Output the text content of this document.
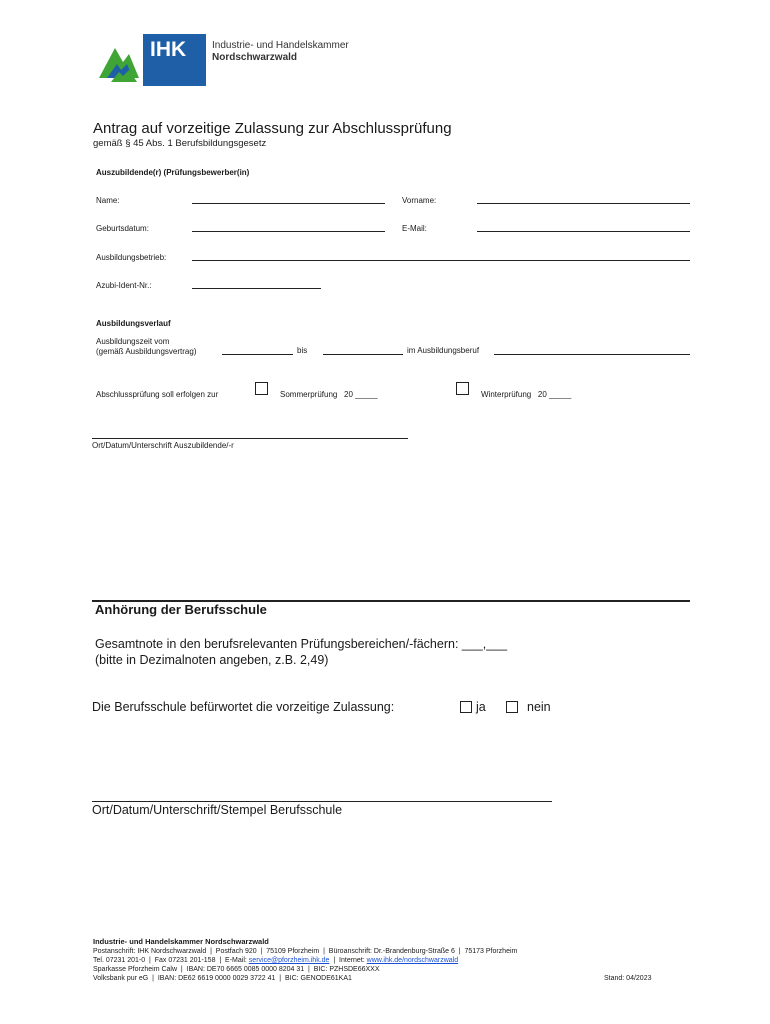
IHK	Industrie- und Handelskammer
Nordschwarzwald
Antrag auf vorzeitige Zulassung zur Abschlussprüfung
gemäß § 45 Abs. 1 Berufsbildungsgesetz
Auszubildende(r) (Prüfungsbewerber(in)
Name:	Vorname:
Geburtsdatum:	E-Mail:
Ausbildungsbetrieb:
Azubi-Ident-Nr.:
Ausbildungsverlauf
Ausbildungszeit vom
(gemäß Ausbildungsvertrag)	bis	im Ausbildungsberuf
Abschlussprüfung soll erfolgen zur	Sommerprüfung   20 _____	Winterprüfung   20 _____
Ort/Datum/Unterschrift Auszubildende/-r
Anhörung der Berufsschule
Gesamtnote in den berufsrelevanten Prüfungsbereichen/-fächern: ___,___
(bitte in Dezimalnoten angeben, z.B. 2,49)
Die Berufsschule befürwortet die vorzeitige Zulassung:	ja	nein
Ort/Datum/Unterschrift/Stempel Berufsschule
Industrie- und Handelskammer Nordschwarzwald
Postanschrift: IHK Nordschwarzwald  |  Postfach 920  |  75109 Pforzheim  |  Büroanschrift: Dr.-Brandenburg-Straße 6  |  75173 Pforzheim
Tel. 07231 201-0  |  Fax 07231 201-158  |  E-Mail: service@pforzheim.ihk.de  |  Internet: www.ihk.de/nordschwarzwald
Sparkasse Pforzheim Calw  |  IBAN: DE70 6665 0085 0000 8204 31  |  BIC: PZHSDE66XXX
Volksbank pur eG  |  IBAN: DE62 6619 0000 0029 3722 41  |  BIC: GENODE61KA1	Stand: 04/2023
